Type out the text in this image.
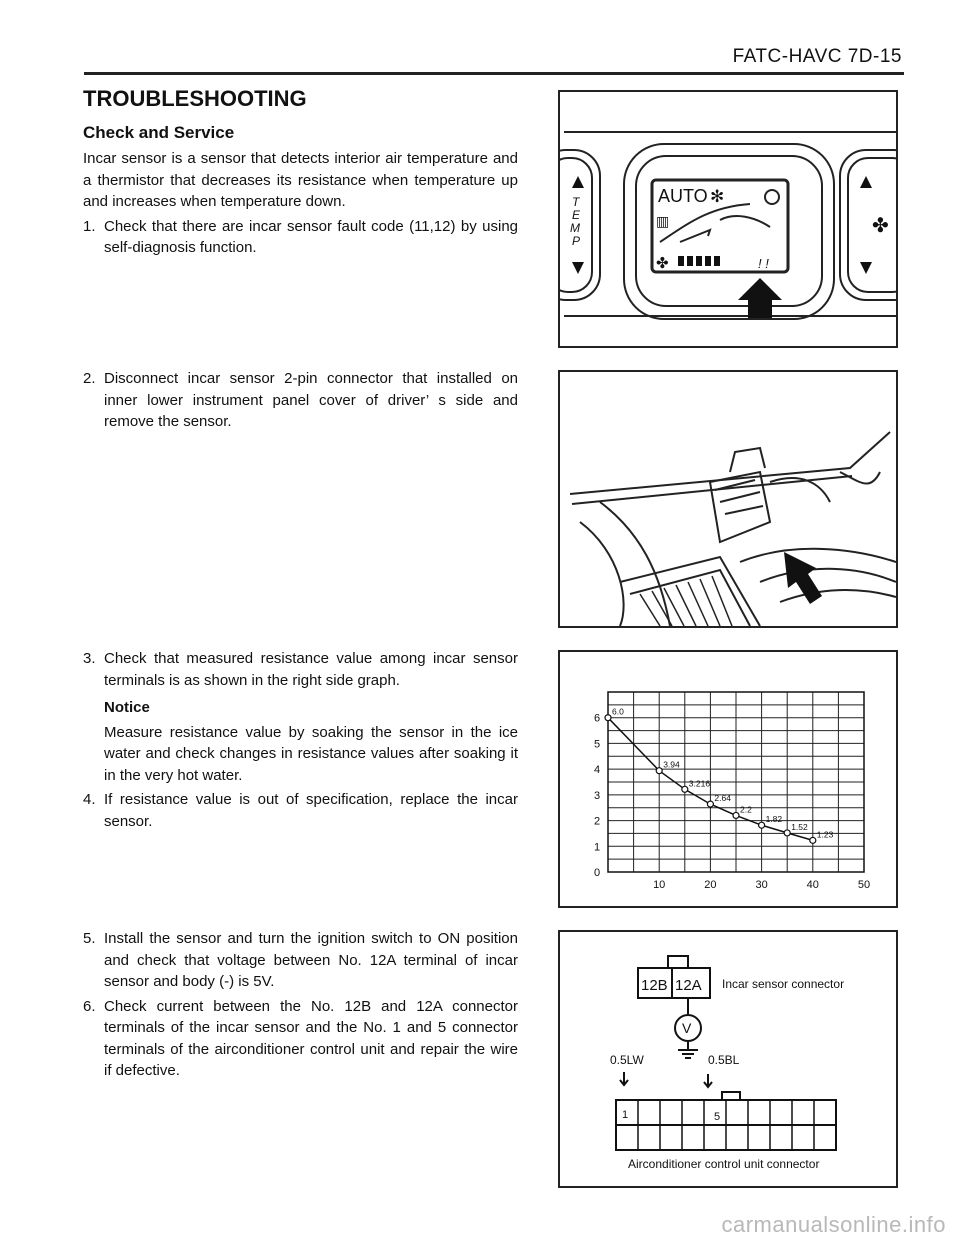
FATC-HAVC 7D-15
TROUBLESHOOTING
Check and Service
Incar sensor is a sensor that detects interior air temperature and a thermistor that decreases its resistance when temperature up and increases when temperature down.
1. Check that there are incar sensor fault code (11,12) by using self-diagnosis function.
2. Disconnect incar sensor 2-pin connector that installed on inner lower instrument panel cover of driver’ s side and remove the sensor.
3. Check that measured resistance value among incar sensor terminals is as shown in the right side graph.
Notice
Measure resistance value by soaking the sensor in the ice water and check changes in resistance values after soaking it in the very hot water.
4. If resistance value is out of specification, replace the incar sensor.
5. Install the sensor and turn the ignition switch to ON position and check that voltage between No. 12A terminal of incar sensor and body (-) is 5V.
6. Check current between the No. 12B and 12A connector terminals of the incar sensor and the No. 1 and 5 connector terminals of the airconditioner control unit and repair the wire if defective.
AUTO ✻
▥
✤
✤
! !
T
E
M
P
0
1
2
3
4
5
6
10	20	30	40	50
6.0
3.94
3.216
2.64
2.2
1.82
1.52
1.23
12B 12A Incar sensor connector
V
0.5LW	0.5BL
1	5
Airconditioner control unit connector
carmanualsonline.info
